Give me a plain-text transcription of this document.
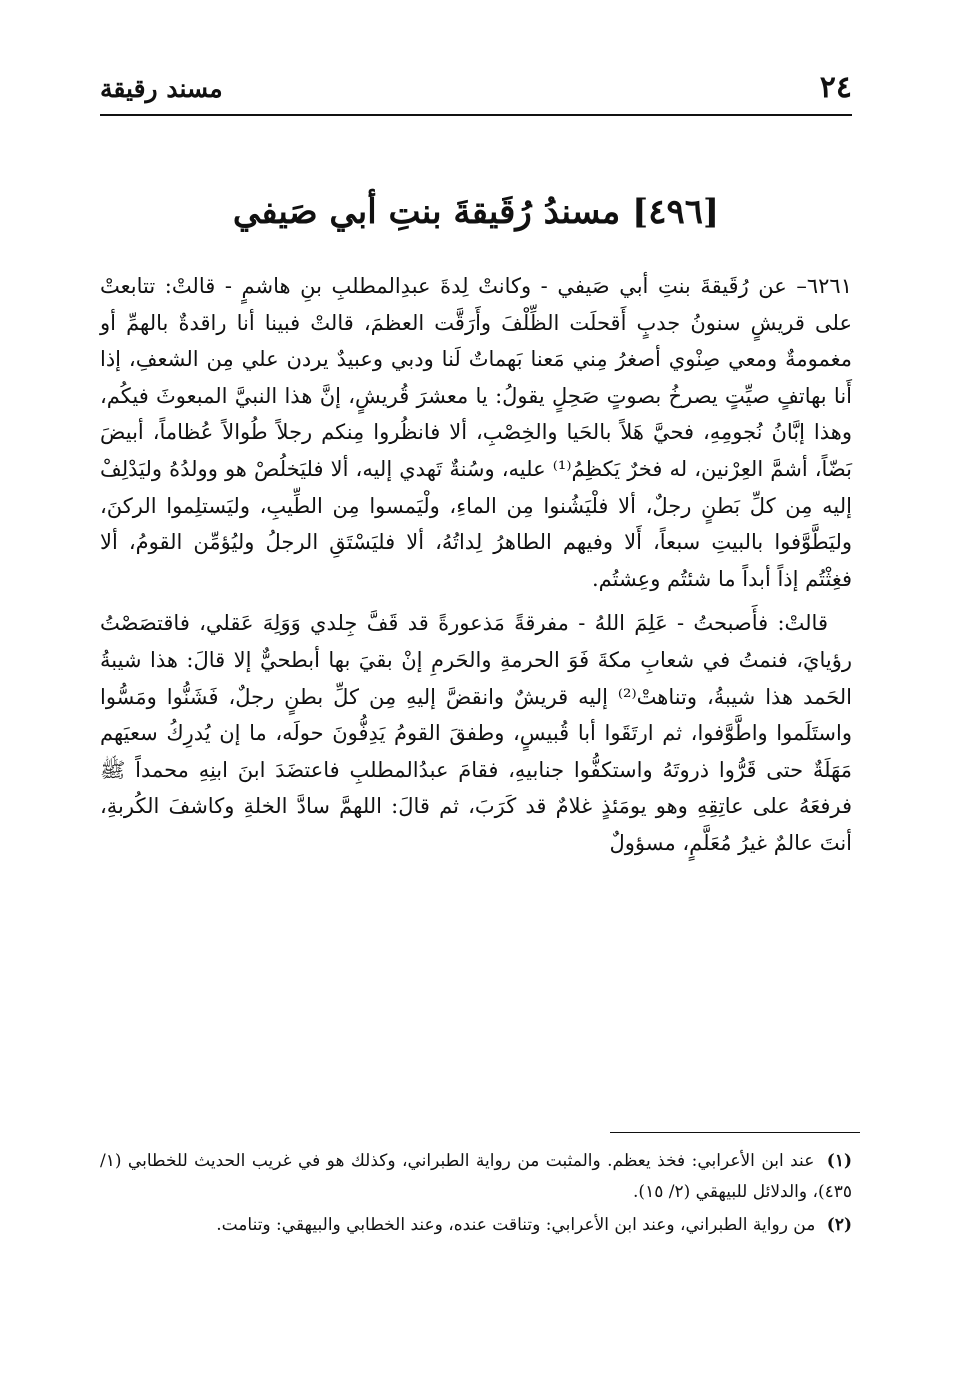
٢٤
مسند رقيقة
[٤٩٦] مسندُ رُقَيقةَ بنتِ أبي صَيفي

٦٢٦١– عن رُقَيقةَ بنتِ أبي صَيفي - وكانتْ لِدةَ عبدِالمطلبِ بنِ هاشمٍ - قالتْ: تتابعتْ على قريشٍ سنونُ جدبٍ أَقحلَت الظِّلْفَ وأَرَقَّت العظمَ، قالتْ فبينا أنا راقدةٌ بالهمِّ أو مغمومةٌ ومعي صِنْوي أصغرُ مِني مَعنا بَهماتٌ لَنا ودبي وعبيدٌ يردن علي مِن الشعفِ، إذا أَنا بهاتفٍ صيِّتٍ يصرخُ بصوتٍ صَحِلٍ يقولُ: يا معشرَ قُريشٍ، إنَّ هذا النبيَّ المبعوثَ فيكُم، وهذا إبَّانُ نُجومِهِ، فحيَّ هَلاً بالحَيا والخِصْبِ، ألا فانظُروا مِنكم رجلاً طُوالاً عُظاماً، أبيضَ بَضّاً، أشمَّ العِرْنين، له فخرٌ يَكظِمُ⁽¹⁾ عليه، وسُنةٌ تَهدي إليه، ألا فليَخلُصْ هو وولدُهُ وليَدْلِفْ إليه مِن كلِّ بَطنٍ رجلٌ، ألا فلْيَشُنوا مِن الماءِ، ولْيَمسوا مِن الطِّيبِ، وليَستلِموا الركنَ، وليَطَّوَّفوا بالبيتِ سبعاً، أَلا وفيهم الطاهرُ لِداتُهُ، ألا فليَسْتَقِ الرجلُ وليُؤمِّن القومُ، ألا فغِثْتُم إذاً أبداً ما شئتُم وعِشتُم.

قالتْ: فأَصبحتُ - عَلِمَ اللهُ - مفرقةً مَذعورةً قد قَفَّ جِلدي وَوَلِهَ عَقلي، فاقتصَصْتُ رؤيايَ، فنمتُ في شعابِ مكةَ فَوَ الحرمةِ والحَرمِ إنْ بقيَ بها أبطحيٌّ إلا قالَ: هذا شيبةُ الحَمد هذا شيبةُ، وتناهتْ⁽²⁾ إليه قريشٌ وانقضَّ إليهِ مِن كلِّ بطنٍ رجلٌ، فَشَنُّوا ومَسُّوا واستَلَموا واطَّوَّفوا، ثم ارتَقَوا أبا قُبيسٍ، وطفقَ القومُ يَدِفُّونَ حولَه، ما إن يُدرِكُ سعيَهم مَهَلَةٌ حتى قَرُّوا ذروتَهُ واستكفُّوا جنابيهِ، فقامَ عبدُالمطلبِ فاعتضَدَ ابنَ ابنِهِ محمداً ﷺ فرفعَهُ على عاتِقِهِ وهو يومَئذٍ غلامٌ قد كَرَبَ، ثم قالَ: اللهمَّ سادَّ الخلةِ وكاشفَ الكُربةِ، أنتَ عالمٌ غيرُ مُعَلَّمٍ، مسؤولٌ

(١) عند ابن الأعرابي: فخذ يعظم. والمثبت من رواية الطبراني، وكذلك هو في غريب الحديث للخطابي (١/ ٤٣٥)، والدلائل للبيهقي (٢/ ١٥).

(٢) من رواية الطبراني، وعند ابن الأعرابي: وتناقت عنده، وعند الخطابي والبيهقي: وتنامت.
